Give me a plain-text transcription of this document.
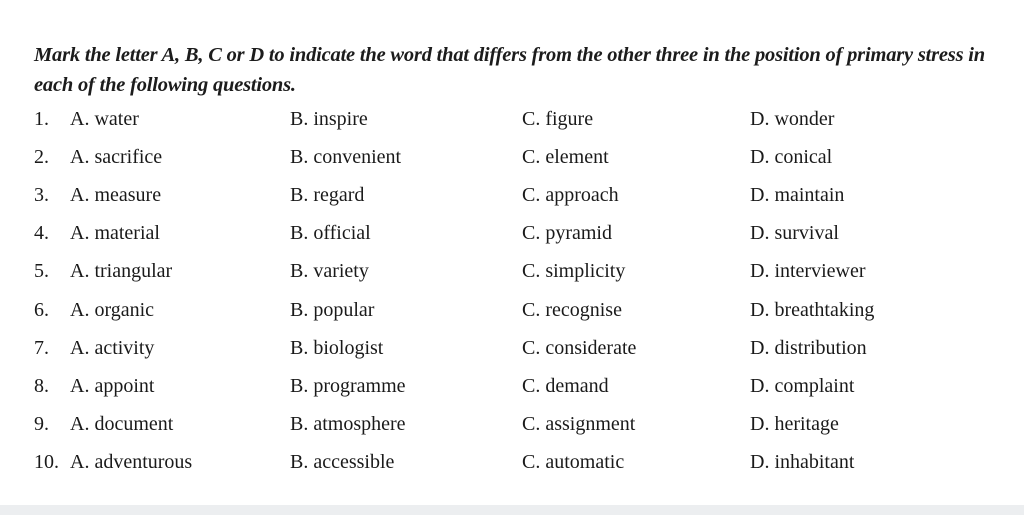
Mark the letter A, B, C or D to indicate the word that differs from the other three in the position of primary stress in each of the following questions.

1.	A. water	B. inspire	C. figure	D. wonder
2.	A. sacrifice	B. convenient	C. element	D. conical
3.	A. measure	B. regard	C. approach	D. maintain
4.	A. material	B. official	C. pyramid	D. survival
5.	A. triangular	B. variety	C. simplicity	D. interviewer
6.	A. organic	B. popular	C. recognise	D. breathtaking
7.	A. activity	B. biologist	C. considerate	D. distribution
8.	A. appoint	B. programme	C. demand	D. complaint
9.	A. document	B. atmosphere	C. assignment	D. heritage
10.	A. adventurous	B. accessible	C. automatic	D. inhabitant
